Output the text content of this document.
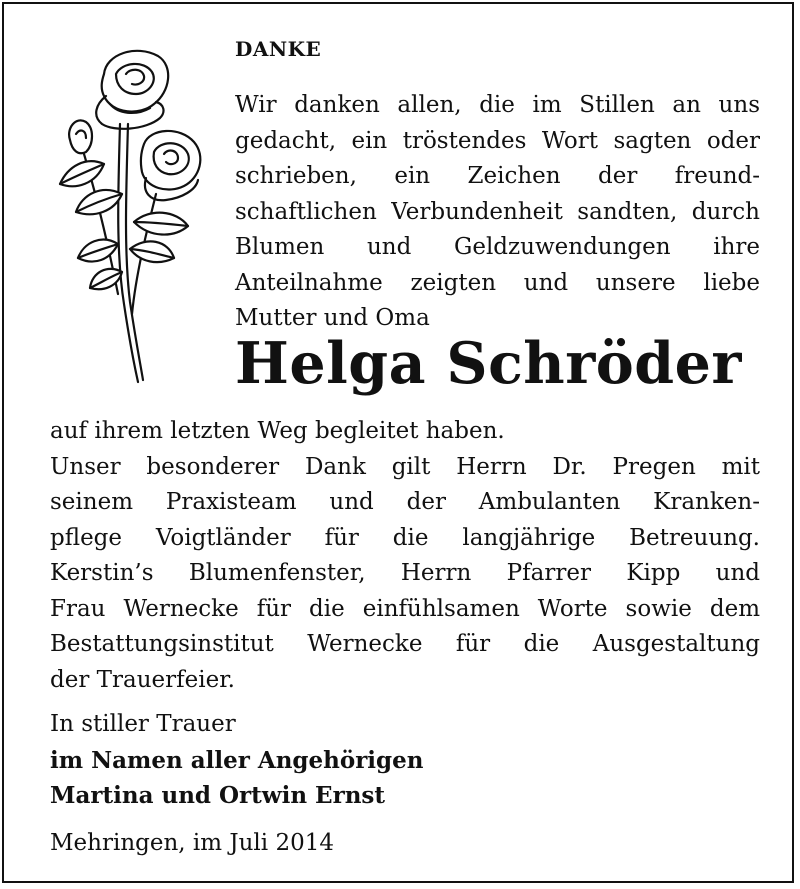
DANKE
Wir danken allen, die im Stillen an uns gedacht, ein tröstendes Wort sagten oder schrieben, ein Zeichen der freund-schaftlichen Verbundenheit sandten, durch Blumen und Geldzuwendungen ihre Anteilnahme zeigten und unsere liebe Mutter und Oma
Helga Schröder
auf ihrem letzten Weg begleitet haben.
Unser besonderer Dank gilt Herrn Dr. Pregen mit
seinem Praxisteam und der Ambulanten Kranken-
pflege Voigtländer für die langjährige Betreuung.
Kerstin’s Blumenfenster, Herrn Pfarrer Kipp und
Frau Wernecke für die einfühlsamen Worte sowie dem
Bestattungsinstitut Wernecke für die Ausgestaltung
der Trauerfeier.
In stiller Trauer
im Namen aller Angehörigen
Martina und Ortwin Ernst
Mehringen, im Juli 2014
